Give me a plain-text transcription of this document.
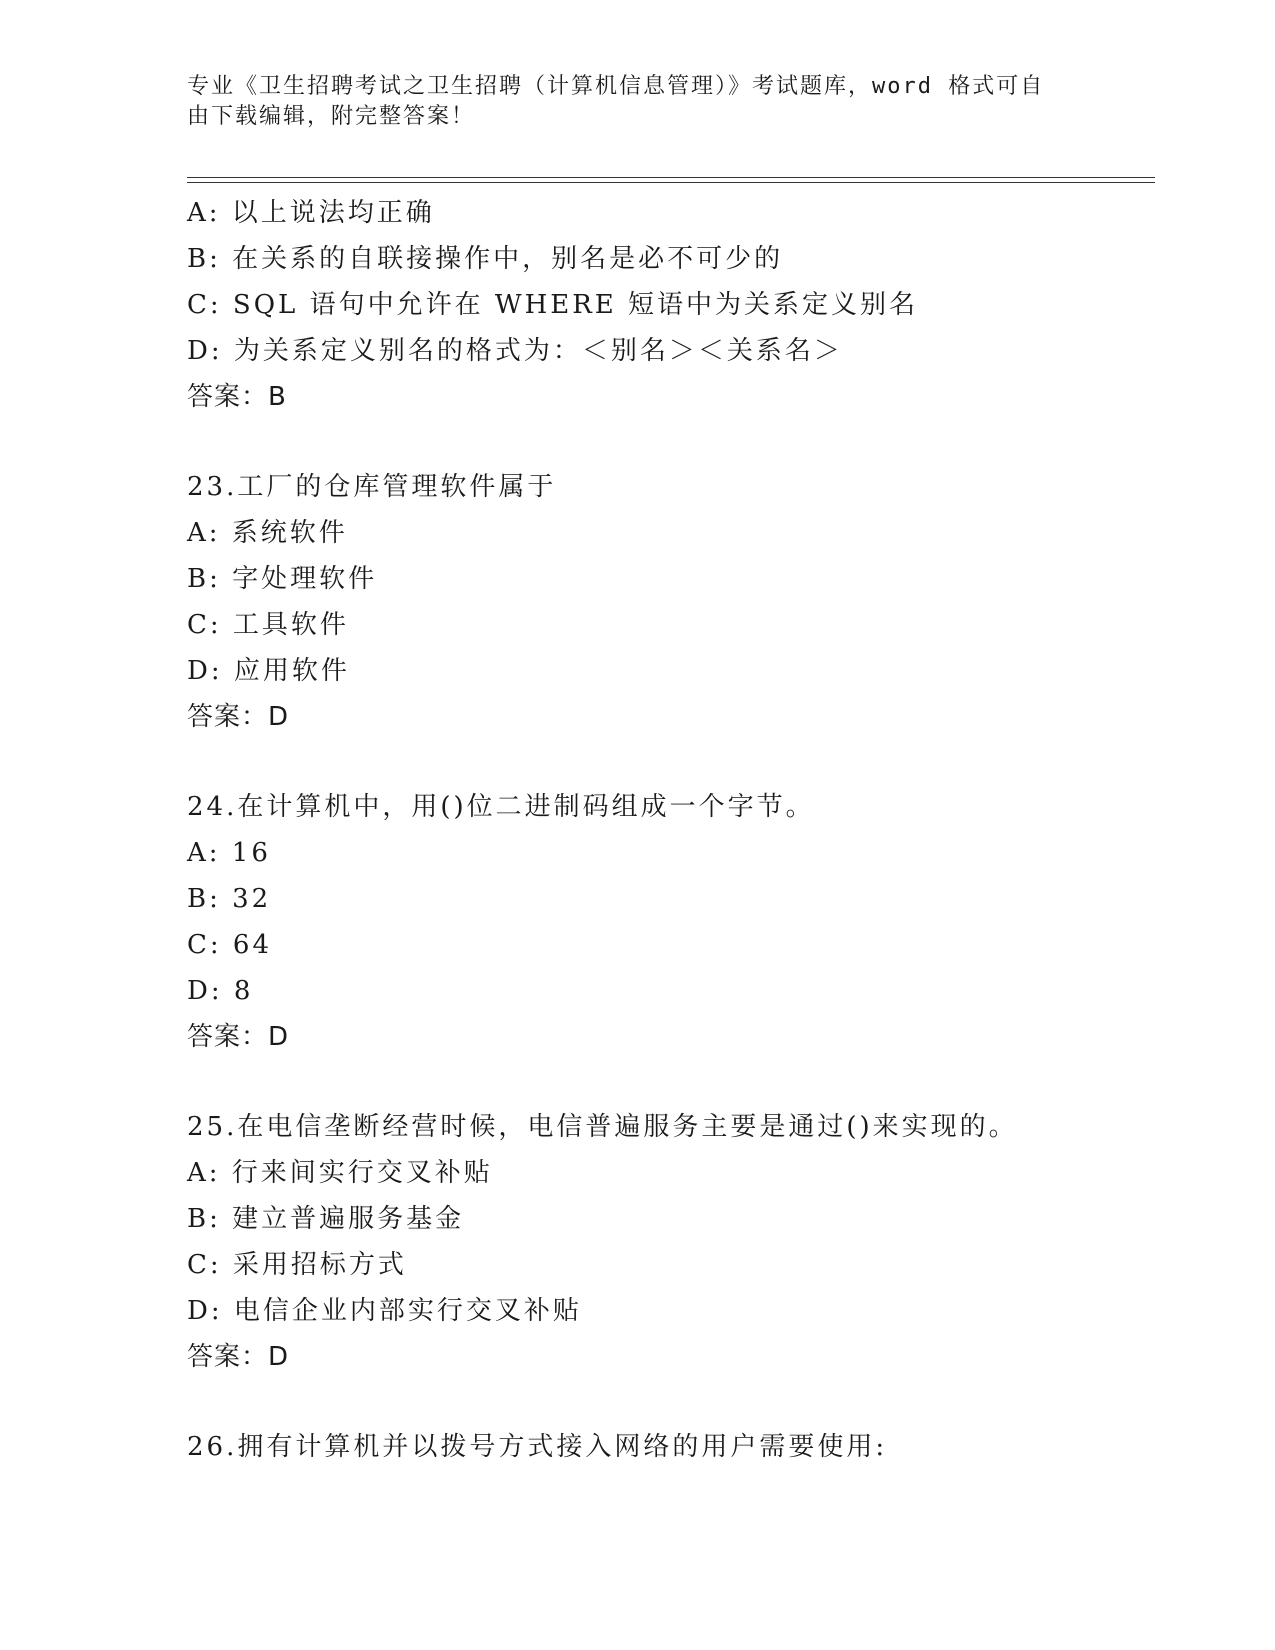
专业《卫生招聘考试之卫生招聘（计算机信息管理）》考试题库，word 格式可自
由下载编辑，附完整答案！
A: 以上说法均正确
B: 在关系的自联接操作中，别名是必不可少的
C: SQL 语句中允许在 WHERE 短语中为关系定义别名
D: 为关系定义别名的格式为：＜别名＞＜关系名＞
答案：B
23.工厂的仓库管理软件属于
A: 系统软件
B: 字处理软件
C: 工具软件
D: 应用软件
答案：D
24.在计算机中，用()位二进制码组成一个字节。
A: 16
B: 32
C: 64
D: 8
答案：D
25.在电信垄断经营时候，电信普遍服务主要是通过()来实现的。
A: 行来间实行交叉补贴
B: 建立普遍服务基金
C: 采用招标方式
D: 电信企业内部实行交叉补贴
答案：D
26.拥有计算机并以拨号方式接入网络的用户需要使用:
